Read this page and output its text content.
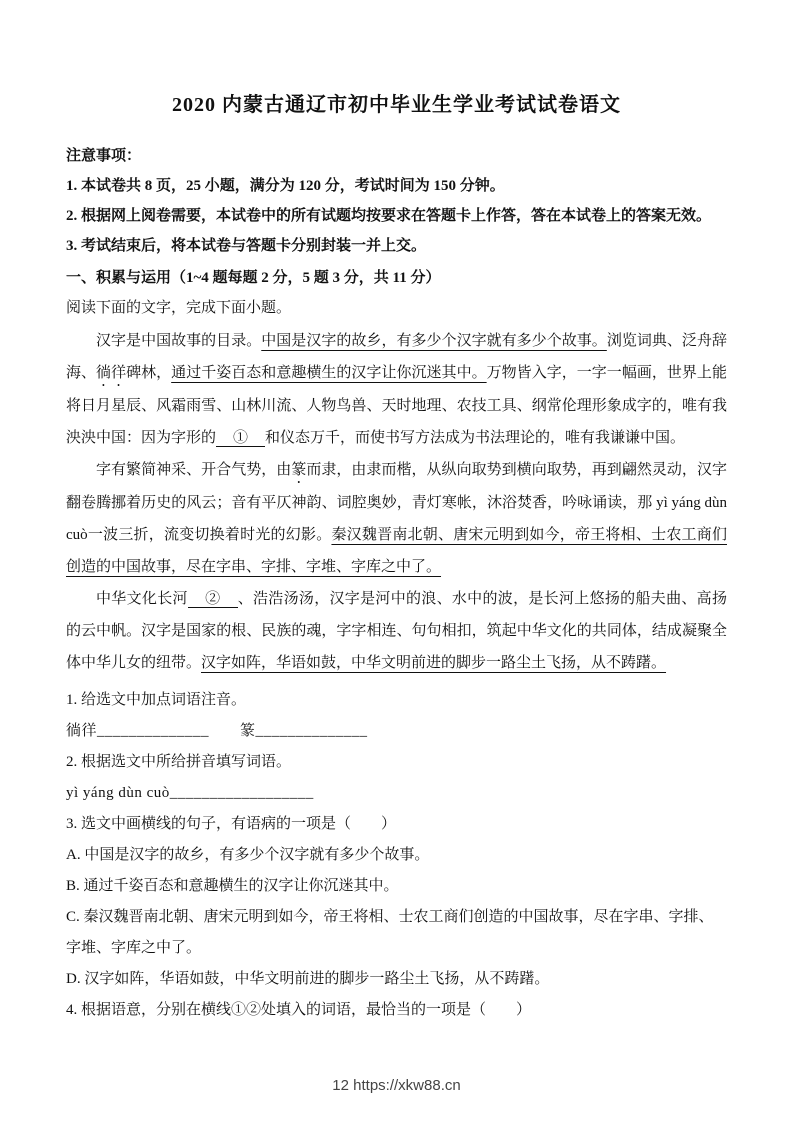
2020 内蒙古通辽市初中毕业生学业考试试卷语文

注意事项：

1. 本试卷共 8 页，25 小题，满分为 120 分，考试时间为 150 分钟。

2. 根据网上阅卷需要，本试卷中的所有试题均按要求在答题卡上作答，答在本试卷上的答案无效。

3. 考试结束后，将本试卷与答题卡分别封装一并上交。

一、积累与运用（1~4 题每题 2 分，5 题 3 分，共 11 分）

阅读下面的文字，完成下面小题。

汉字是中国故事的目录。中国是汉字的故乡，有多少个汉字就有多少个故事。浏览词典、泛舟辞海、徜徉碑林，通过千姿百态和意趣横生的汉字让你沉迷其中。万物皆入字，一字一幅画，世界上能将日月星辰、风霜雨雪、山林川流、人物鸟兽、天时地理、农技工具、纲常伦理形象成字的，唯有我泱泱中国：因为字形的　①　和仪态万千，而使书写方法成为书法理论的，唯有我谦谦中国。

字有繁简神采、开合气势，由篆而隶，由隶而楷，从纵向取势到横向取势，再到翩然灵动，汉字翻卷腾挪着历史的风云；音有平仄神韵、词腔奥妙，青灯寒帐，沐浴焚香，吟咏诵读，那 yì yáng dùn cuò一波三折，流变切换着时光的幻影。秦汉魏晋南北朝、唐宋元明到如今，帝王将相、士农工商们创造的中国故事，尽在字串、字排、字堆、字库之中了。

中华文化长河　②　、浩浩汤汤，汉字是河中的浪、水中的波，是长河上悠扬的船夫曲、高扬的云中帆。汉字是国家的根、民族的魂，字字相连、句句相扣，筑起中华文化的共同体，结成凝聚全体中华儿女的纽带。汉字如阵，华语如鼓，中华文明前进的脚步一路尘土飞扬，从不踌躇。

1. 给选文中加点词语注音。

徜徉______________　　篆______________

2. 根据选文中所给拼音填写词语。

yì yáng dùn cuò__________________

3. 选文中画横线的句子，有语病的一项是（　　）

A. 中国是汉字的故乡，有多少个汉字就有多少个故事。

B. 通过千姿百态和意趣横生的汉字让你沉迷其中。

C. 秦汉魏晋南北朝、唐宋元明到如今，帝王将相、士农工商们创造的中国故事，尽在字串、字排、字堆、字库之中了。

D. 汉字如阵，华语如鼓，中华文明前进的脚步一路尘土飞扬，从不踌躇。

4. 根据语意，分别在横线①②处填入的词语，最恰当的一项是（　　）

12 https://xkw88.cn
